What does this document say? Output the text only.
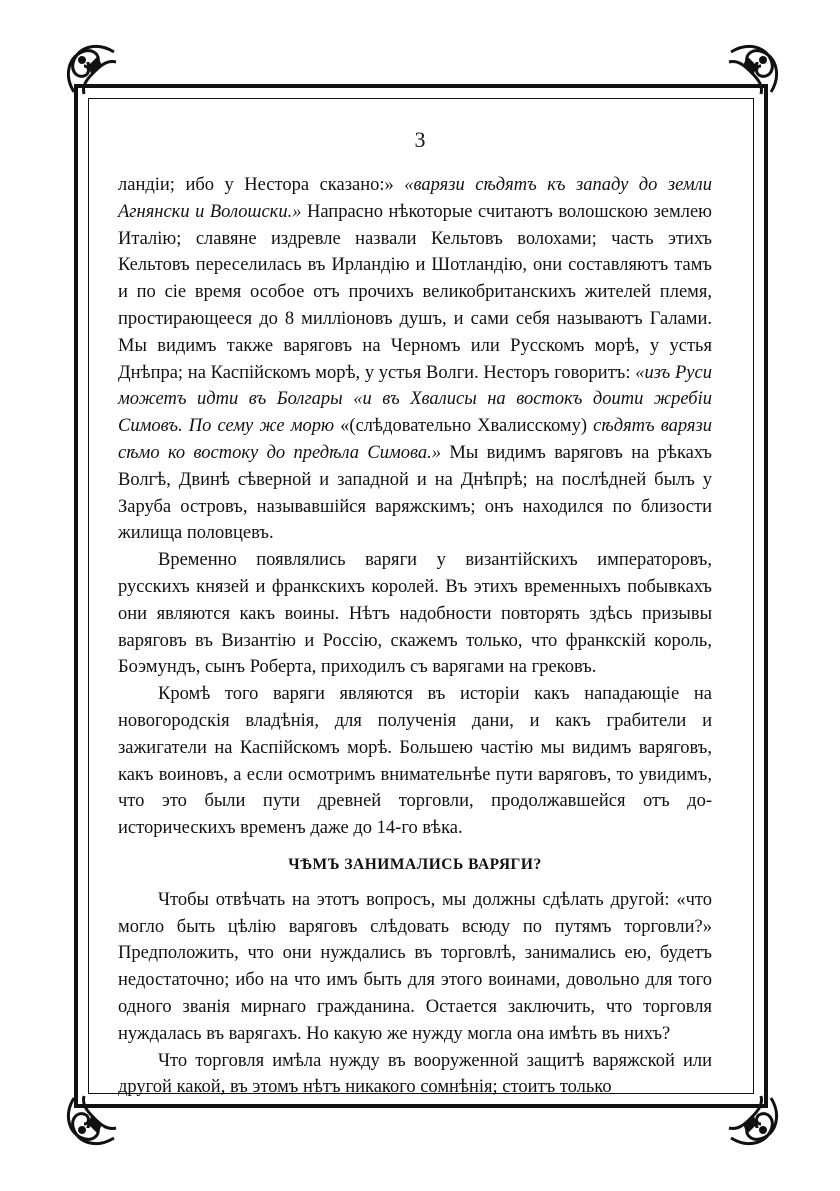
3

ландіи; ибо у Нестора сказано:» «варязи сѣдятъ къ западу до земли Агнянски и Волошски.» Напрасно нѣкоторые считаютъ волошскою землею Италію; славяне издревле назвали Кельтовъ волохами; часть этихъ Кельтовъ переселилась въ Ирландію и Шотландію, они составляютъ тамъ и по сіе время особое отъ прочихъ великобританскихъ жителей племя, простирающееся до 8 милліоновъ душъ, и сами себя называютъ Галами. Мы видимъ также варяговъ на Черномъ или Русскомъ морѣ, у устья Днѣпра; на Каспійскомъ морѣ, у устья Волги. Несторъ говоритъ: «изъ Руси можетъ идти въ Болгары «и въ Хвалисы на востокъ доити жребіи Симовъ. По сему же морю «(слѣдовательно Хвалисскому) сѣдятъ варязи сѣмо ко востоку до предѣла Симова.» Мы видимъ варяговъ на рѣкахъ Волгѣ, Двинѣ сѣверной и западной и на Днѣпрѣ; на послѣдней былъ у Заруба островъ, называвшійся варяжскимъ; онъ находился по близости жилища половцевъ.

Временно появлялись варяги у византійскихъ императоровъ, русскихъ князей и франкскихъ королей. Въ этихъ временныхъ побывкахъ они являются какъ воины. Нѣтъ надобности повторять здѣсь призывы варяговъ въ Византію и Россію, скажемъ только, что франкскій король, Боэмундъ, сынъ Роберта, приходилъ съ варягами на грековъ.

Кромѣ того варяги являются въ исторіи какъ нападающіе на новогородскія владѣнія, для полученія дани, и какъ грабители и зажигатели на Каспійскомъ морѣ. Большею частію мы видимъ варяговъ, какъ воиновъ, а если осмотримъ внимательнѣе пути варяговъ, то увидимъ, что это были пути древней торговли, продолжавшейся отъ до-историческихъ временъ даже до 14-го вѣка.

ЧѢМЪ ЗАНИМАЛИСЬ ВАРЯГИ?

Чтобы отвѣчать на этотъ вопросъ, мы должны сдѣлать другой: «что могло быть цѣлію варяговъ слѣдовать всюду по путямъ торговли?» Предположить, что они нуждались въ торговлѣ, занимались ею, будетъ недостаточно; ибо на что имъ быть для этого воинами, довольно для того одного званія мирнаго гражданина. Остается заключить, что торговля нуждалась въ варягахъ. Но какую же нужду могла она имѣть въ нихъ?

Что торговля имѣла нужду въ вооруженной защитѣ варяжской или другой какой, въ этомъ нѣтъ никакого сомнѣнія; стоитъ только
